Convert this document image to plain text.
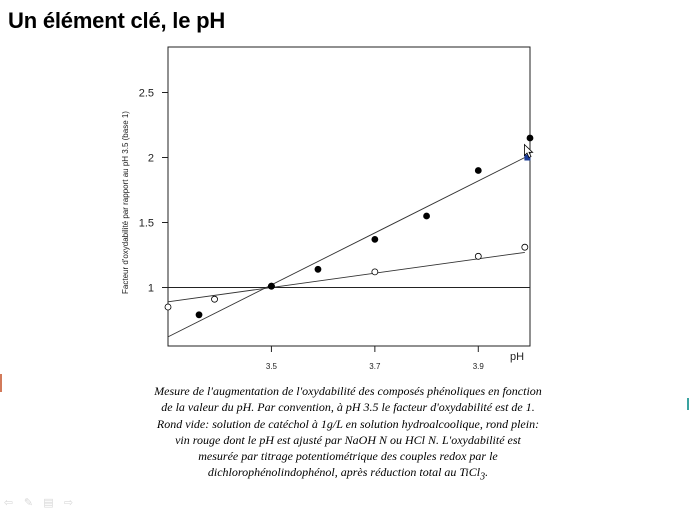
Un élément clé, le pH
1
1.5
2
2.5
3.5	3.7	3.9
pH
Facteur d'oxydabilité par rapport au pH 3.5 (base 1)
Mesure de l'augmentation de l'oxydabilité des composés phénoliques en fonction de la valeur du pH. Par convention, à pH 3.5 le facteur d'oxydabilité est de 1. Rond vide: solution de catéchol à 1g/L en solution hydroalcoolique, rond plein: vin rouge dont le pH est ajusté par NaOH N ou HCl N. L'oxydabilité est mesurée par titrage potentiométrique des couples redox par le dichlorophénolindophénol, après réduction total au TiCl$_3$.
⇦ ✎ ▤ ⇨
